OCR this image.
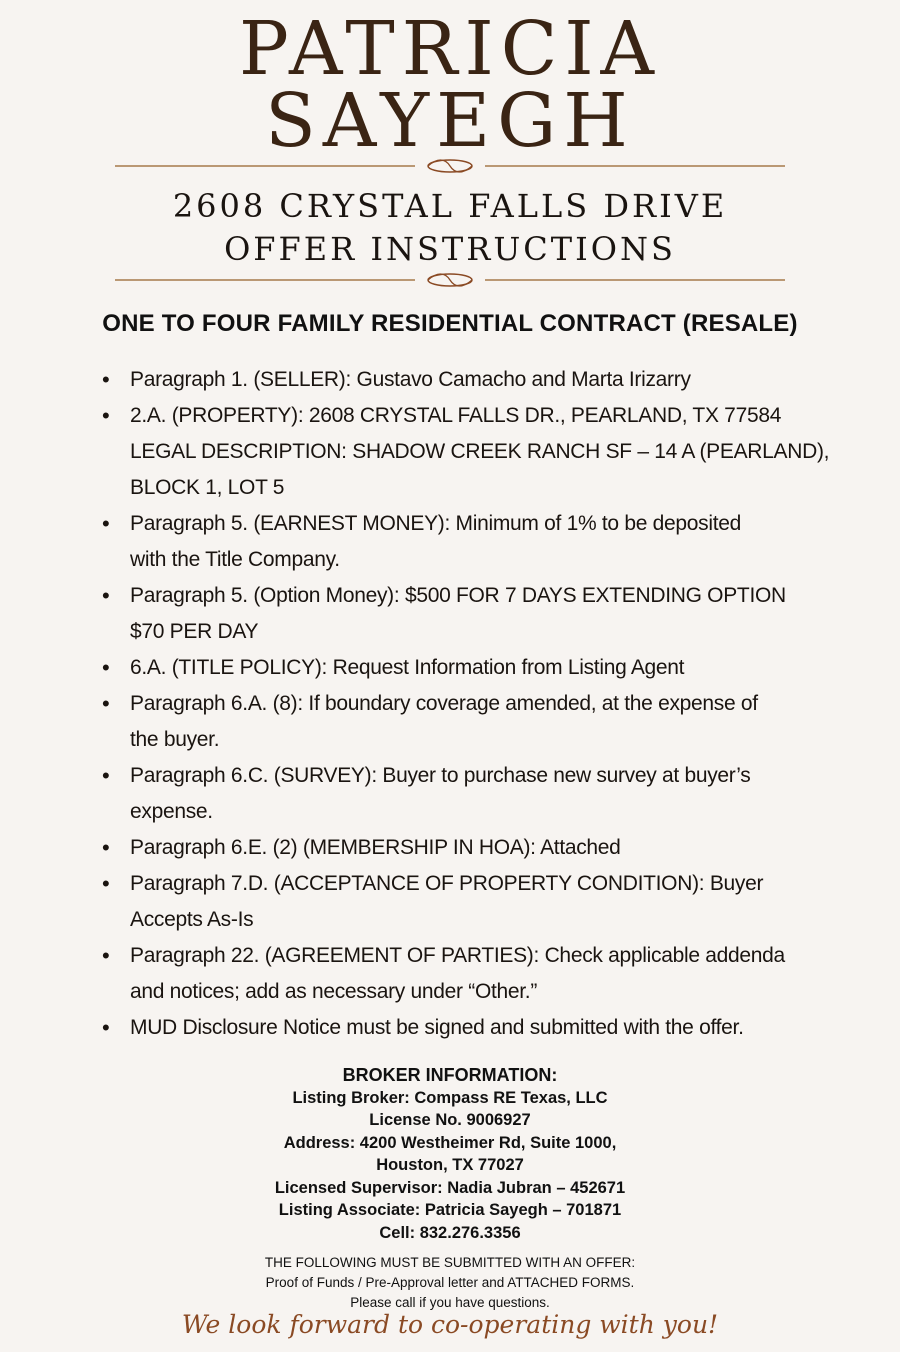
PATRICIA
SAYEGH
2608 CRYSTAL FALLS DRIVE
OFFER INSTRUCTIONS
ONE TO FOUR FAMILY RESIDENTIAL CONTRACT (RESALE)
• Paragraph 1. (SELLER): Gustavo Camacho and Marta Irizarry
• 2.A. (PROPERTY): 2608 CRYSTAL FALLS DR., PEARLAND, TX 77584
LEGAL DESCRIPTION: SHADOW CREEK RANCH SF – 14 A (PEARLAND),
BLOCK 1, LOT 5
• Paragraph 5. (EARNEST MONEY): Minimum of 1% to be deposited
with the Title Company.
• Paragraph 5. (Option Money): $500 FOR 7 DAYS EXTENDING OPTION
$70 PER DAY
• 6.A. (TITLE POLICY): Request Information from Listing Agent
• Paragraph 6.A. (8): If boundary coverage amended, at the expense of
the buyer.
• Paragraph 6.C. (SURVEY): Buyer to purchase new survey at buyer’s
expense.
• Paragraph 6.E. (2) (MEMBERSHIP IN HOA): Attached
• Paragraph 7.D. (ACCEPTANCE OF PROPERTY CONDITION): Buyer
Accepts As-Is
• Paragraph 22. (AGREEMENT OF PARTIES): Check applicable addenda
and notices; add as necessary under “Other.”
• MUD Disclosure Notice must be signed and submitted with the offer.
BROKER INFORMATION:
Listing Broker: Compass RE Texas, LLC
License No. 9006927
Address: 4200 Westheimer Rd, Suite 1000,
Houston, TX 77027
Licensed Supervisor: Nadia Jubran – 452671
Listing Associate: Patricia Sayegh – 701871
Cell: 832.276.3356
THE FOLLOWING MUST BE SUBMITTED WITH AN OFFER:
Proof of Funds / Pre-Approval letter and ATTACHED FORMS.
Please call if you have questions.
We look forward to co-operating with you!
